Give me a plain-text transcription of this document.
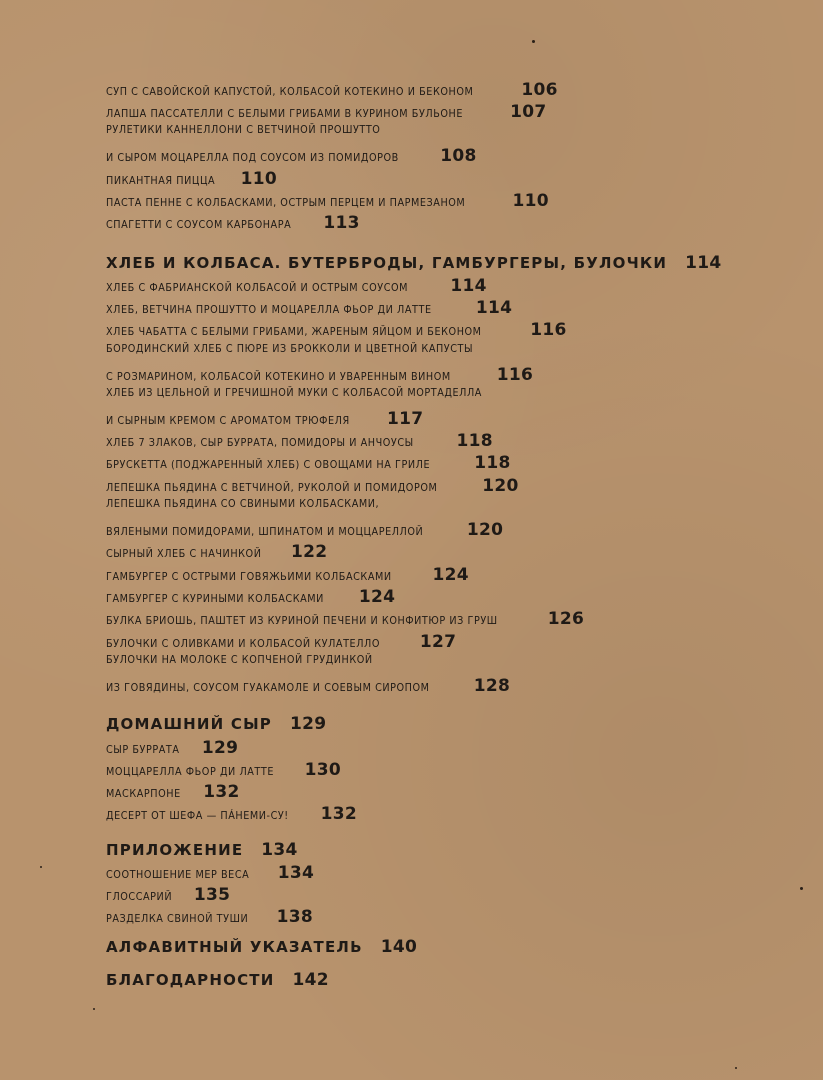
СУП С САВОЙСКОЙ КАПУСТОЙ, КОЛБАСОЙ КОТЕКИНО И БЕКОНОМ	106
ЛАПША ПАССАТЕЛЛИ С БЕЛЫМИ ГРИБАМИ В КУРИНОМ БУЛЬОНЕ	107
РУЛЕТИКИ КАННЕЛЛОНИ С ВЕТЧИНОЙ ПРОШУТТО
И СЫРОМ МОЦАРЕЛЛА ПОД СОУСОМ ИЗ ПОМИДОРОВ 108
ПИКАНТНАЯ ПИЦЦА 110
ПАСТА ПЕННЕ С КОЛБАСКАМИ, ОСТРЫМ ПЕРЦЕМ И ПАРМЕЗАНОМ	110
СПАГЕТТИ С СОУСОМ КАРБОНАРА 113
ХЛЕБ И КОЛБАСА. БУТЕРБРОДЫ, ГАМБУРГЕРЫ, БУЛОЧКИ 114
ХЛЕБ С ФАБРИАНСКОЙ КОЛБАСОЙ И ОСТРЫМ СОУСОМ 114
ХЛЕБ, ВЕТЧИНА ПРОШУТТО И МОЦАРЕЛЛА ФЬОР ДИ ЛАТТЕ	114
ХЛЕБ ЧАБАТТА С БЕЛЫМИ ГРИБАМИ, ЖАРЕНЫМ ЯЙЦОМ И БЕКОНОМ	116
БОРОДИНСКИЙ ХЛЕБ С ПЮРЕ ИЗ БРОККОЛИ И ЦВЕТНОЙ КАПУСТЫ
С РОЗМАРИНОМ, КОЛБАСОЙ КОТЕКИНО И УВАРЕННЫМ ВИНОМ	116
ХЛЕБ ИЗ ЦЕЛЬНОЙ И ГРЕЧИШНОЙ МУКИ С КОЛБАСОЙ МОРТАДЕЛЛА
И СЫРНЫМ КРЕМОМ С АРОМАТОМ ТРЮФЕЛЯ 117
ХЛЕБ 7 ЗЛАКОВ, СЫР БУРРАТА, ПОМИДОРЫ И АНЧОУСЫ	118
БРУСКЕТТА (ПОДЖАРЕННЫЙ ХЛЕБ) С ОВОЩАМИ НА ГРИЛЕ	118
ЛЕПЕШКА ПЬЯДИНА С ВЕТЧИНОЙ, РУКОЛОЙ И ПОМИДОРОМ	120
ЛЕПЕШКА ПЬЯДИНА СО СВИНЫМИ КОЛБАСКАМИ,
ВЯЛЕНЫМИ ПОМИДОРАМИ, ШПИНАТОМ И МОЦЦАРЕЛЛОЙ	120
СЫРНЫЙ ХЛЕБ С НАЧИНКОЙ 122
ГАМБУРГЕР С ОСТРЫМИ ГОВЯЖЬИМИ КОЛБАСКАМИ 124
ГАМБУРГЕР С КУРИНЫМИ КОЛБАСКАМИ 124
БУЛКА БРИОШЬ, ПАШТЕТ ИЗ КУРИНОЙ ПЕЧЕНИ И КОНФИТЮР ИЗ ГРУШ	126
БУЛОЧКИ С ОЛИВКАМИ И КОЛБАСОЙ КУЛАТЕЛЛО 127
БУЛОЧКИ НА МОЛОКЕ С КОПЧЕНОЙ ГРУДИНКОЙ
ИЗ ГОВЯДИНЫ, СОУСОМ ГУАКАМОЛЕ И СОЕВЫМ СИРОПОМ	128
ДОМАШНИЙ СЫР 129
СЫР БУРРАТА 129
МОЦЦАРЕЛЛА ФЬОР ДИ ЛАТТЕ 130
МАСКАРПОНЕ 132
ДЕСЕРТ ОТ ШЕФА — ПÁНЕМИ-СУ! 132
ПРИЛОЖЕНИЕ 134
СООТНОШЕНИЕ МЕР ВЕСА 134
ГЛОССАРИЙ 135
РАЗДЕЛКА СВИНОЙ ТУШИ 138
АЛФАВИТНЫЙ УКАЗАТЕЛЬ 140
БЛАГОДАРНОСТИ 142
